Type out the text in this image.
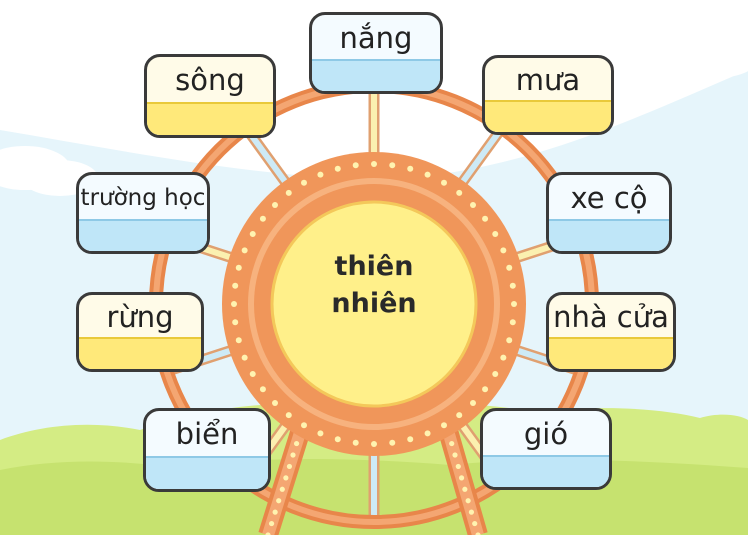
nắng
mưa
xe cộ
nhà cửa
gió
biển
rừng
trường học
sông
thiên
nhiên
